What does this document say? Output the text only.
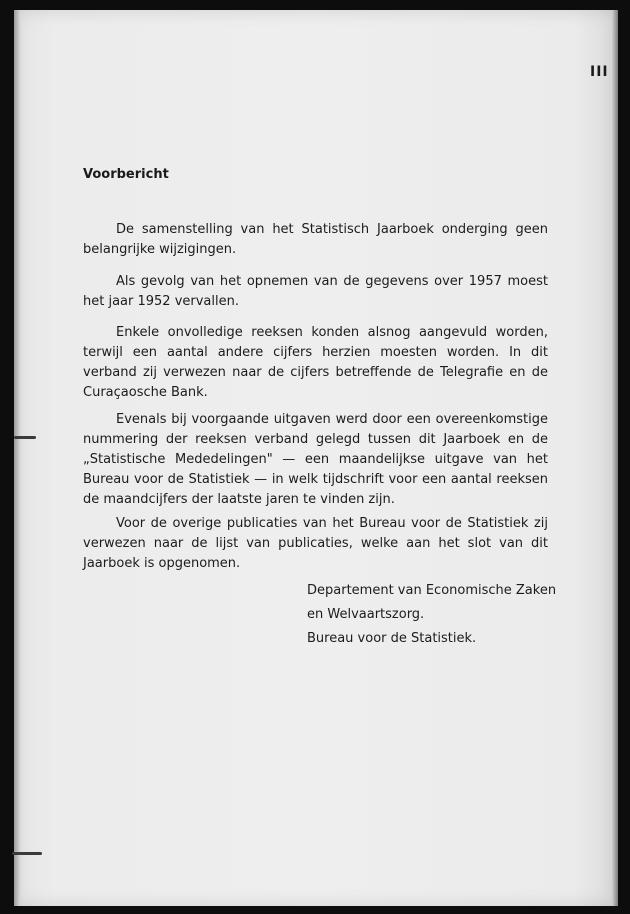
III
Voorbericht

De samenstelling van het Statistisch Jaarboek onderging geen belangrijke wijzigingen.

Als gevolg van het opnemen van de gegevens over 1957 moest het jaar 1952 vervallen.

Enkele onvolledige reeksen konden alsnog aangevuld worden, terwijl een aantal andere cijfers herzien moesten worden. In dit verband zij verwezen naar de cijfers betreffende de Telegrafie en de Curaçaosche Bank.

Evenals bij voorgaande uitgaven werd door een overeenkomstige nummering der reeksen verband gelegd tussen dit Jaarboek en de „Statistische Mededelingen" — een maandelijkse uitgave van het Bureau voor de Statistiek — in welk tijdschrift voor een aantal reeksen de maandcijfers der laatste jaren te vinden zijn.

Voor de overige publicaties van het Bureau voor de Statistiek zij verwezen naar de lijst van publicaties, welke aan het slot van dit Jaarboek is opgenomen.

Departement van Economische Zaken
en Welvaartszorg.
Bureau voor de Statistiek.
